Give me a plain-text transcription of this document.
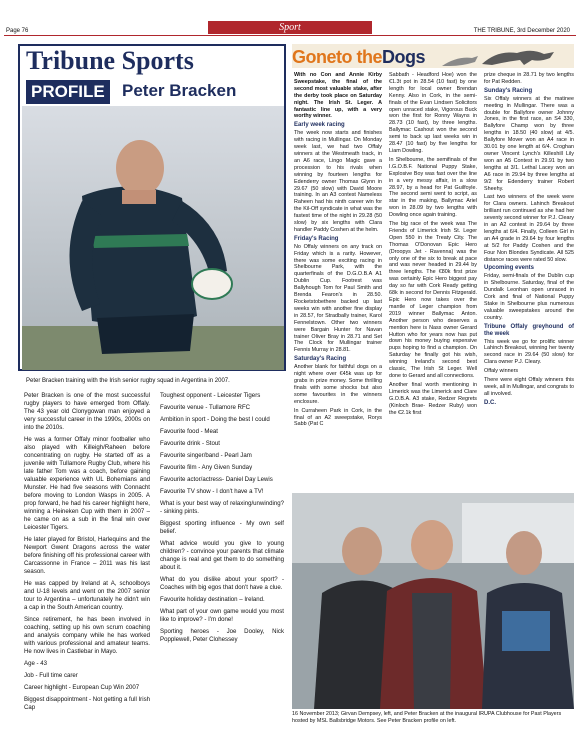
Page 76	Sport	THE TRIBUNE, 3rd December 2020
Tribune Sports
PROFILE Peter Bracken
Peter Bracken training with the Irish senior rugby squad in Argentina in 2007.

Peter Bracken is one of the most successful rugby players to have emerged from Offaly. The 43 year old Clonygowan man enjoyed a very successful career in the 1990s, 2000s on into the 2010s.

He was a former Offaly minor footballer who also played with Killeigh/Raheen before concentrating on rugby. He started off as a juvenile with Tullamore Rugby Club, where his late father Tom was a coach, before gaining valuable experience with UL Bohemians and Munster. He had five seasons with Connacht before moving to London Wasps in 2005. A prop forward, he had his career highlight here, winning a Heineken Cup with them in 2007 – he came on as a sub in the final win over Leicester Tigers.

He later played for Bristol, Harlequins and the Newport Gwent Dragons across the water before finishing off his professional career with Carcassonne in France – 2011 was his last season.

He was capped by Ireland at A, schoolboys and U-18 levels and went on the 2007 senior tour to Argentina – unfortunately he didn't win a cap in the South American country.

Since retirement, he has been involved in coaching, setting up his own scrum coaching and analysis company while he has worked with various professional and amateur teams. He now lives in Castlebar in Mayo.

Age - 43

Job - Full time carer

Career highlight - European Cup Win 2007

Biggest disappointment - Not getting a full Irish Cap

Toughest opponent - Leicester Tigers

Favourite venue - Tullamore RFC

Ambition in sport - Doing the best I could

Favourite food - Meat

Favourite drink - Stout

Favourite singer/band - Pearl Jam

Favourite film - Any Given Sunday

Favourite actor/actress- Daniel Day Lewis

Favourite TV show - I don't have a TV!

What is your best way of relaxing/unwinding? - sinking pints.

Biggest sporting influence - My own self belief.

What advice would you give to young children? - convince your parents that climate change is real and get them to do something about it.

What do you dislike about your sport? - Coaches with big egos that don't have a clue.

Favourite holiday destination – Ireland.

What part of your own game would you most like to improve? - I'm done!

Sporting heroes - Joe Dooley, Nick Popplewell, Peter Clohessey

Goneto theDogs

With no Con and Annie Kirby Sweepstake, the final of the second most valuable stake, after the derby took place on Saturday night. The Irish St. Leger. A fantastic line up, with a very worthy winner.

Early week racing

The week now starts and finishes with racing in Mullingar. On Monday week last, we had two Offaly winners at the Westmeath track, in an A6 race, Lingo Magic gave a procession to his rivals when winning by fourteen lengths for Edenderry owner Thomas Glynn in 29.67 (50 slow) with David Moore training. In an A3 contest Nameless Raheen had his ninth career win for the Kil-Off syndicate in what was the fastest time of the night in 29.28 (50 slow) by six lengths with Clara handler Paddy Coshen at the helm.

Friday's Racing

No Offaly winners on any track on Friday which is a rarity. However, there was some exciting racing in Shelbourne Park, with the quarterfinals of the D.G.O.B.A A1 Dublin Cup. Footrest was Ballyhough Tom for Paul Smith and Brenda Fearon's in 28.50. Rocketstobethere backed up last weeks win with another fine display in 28.57, for Stradbally trainer, Karol Fennelstown. Other two winners were Bargain Hunter for Navan trainer Oliver Bray in 28.71 and Set The Clock for Mullingar trainer Fennis Murray in 28.81.

Saturday's Racing

Another blank for faithful dogs on a night where over €45k was up for grabs in prize money. Some thrilling finals with some shocks but also some favourites in the winners enclosure.

In Curraheen Park in Cork, in the final of an A2 sweepstake, Rorys Sabb (Pat C

Sabbath - Headford Hoe) won the €1.3t pot in 28.54 (10 fast) by one length for local owner Brendan Kenny. Also in Cork, in the semi-finals of the Evan Lindsen Solicitors open unraced stake, Vigorous Buck won the first for Ronny Wayns in 28.73 (10 fast), by three lengths. Ballymac Cashout won the second semi to back up last weeks win in 28.47 (10 fast) by five lengths for Liam Dowling.

In Shelbourne, the semifinals of the I.G.O.B.F. National Puppy Stake, Explosive Boy was fast over the line in a very messy affair, in a slow 28.97, by a head for Pat Guilfoyle. The second semi went to script, as star in the making, Ballymac Ariel won in 28.09 by two lengths with Dowling once again training.

The big race of the week was The Friends of Limerick Irish St. Leger Open 550 in the Treaty City. The Thomas O'Donovan Epic Hero (Droopys Jet - Ravenna) was the only one of the six to break at pace and was never headed in 29.44 by three lengths. The €80k first prize was certainly Epic Hero biggest pay day so far with Cork Ready getting 68k in second for Dennis Fitzgerald. Epic Hero now takes over the mantle of Leger champion from 2019 winner Ballymac Anton. Another person who deserves a mention here is Nass owner Gerard Hutton who for years now has put down his money buying expensive pups hoping to find a champion. On Saturday he finally got his wish, winning Ireland's second best classic, The Irish St Leger. Well done to Gerard and all connections.

Another final worth mentioning in Limerick was the Limerick and Clare G.O.B.A. A3 stake, Redzer Regrets (Kinloch Brae- Redzer Ruby) won the €2.1k first

prize cheque in 28.71 by two lengths for Pat Redden.

Sunday's Racing

Six Offaly winners at the matinee meeting in Mullingar. There was a double for Ballyfore owner Johnny Jones, in the first race, an S4 330, Ballyfore Champ won by three lengths in 18.50 (40 slow) at 4/5. Ballyfore Mover won an A4 race in 30.01 by one length at 6/4. Croghan owner Vincent Lynch's Killeshill Lily won an A5 Contest in 29.91 by two lengths at 3/1. Lethal Lacey won an A6 race in 29.94 by three lengths at 9/2 for Edenderry trainer Robert Sheehy.

Last two winners of the week were for Clara owners. Lahinch Breakout brilliant run continued as she had her seventy second winner for P.J. Cleary in an A2 contest in 29.64 by three lengths at 6/4. Finally, Colleen Girl in an A4 grade in 29.64 by four lengths at 5/2 for Paddy Coshen and the Four Non Blondes Syndicate. All 525 distance races were rated 50 slow.

Upcoming events

Friday, semi-finals of the Dublin cup in Shelbourne. Saturday, final of the Dundalk Leonhan open unraced in Cork and final of National Puppy Stake in Shelbourne plus numerous valuable sweepstakes around the country.

Tribune Offaly greyhound of the week

This week we go for prolific winner Lahinch Breakout, winning her twenty second race in 29.64 (50 slow) for Clara owner P.J. Cleary.

Offaly winners

There were eight Offaly winners this week, all in Mullingar, and congrats to all involved.

D.C.
16 November 2013; Girvan Dempsey, left, and Peter Bracken at the inaugural IRUPA Clubhouse for Past Players hosted by MSL Ballsbridge Motors. See Peter Bracken profile on left.
